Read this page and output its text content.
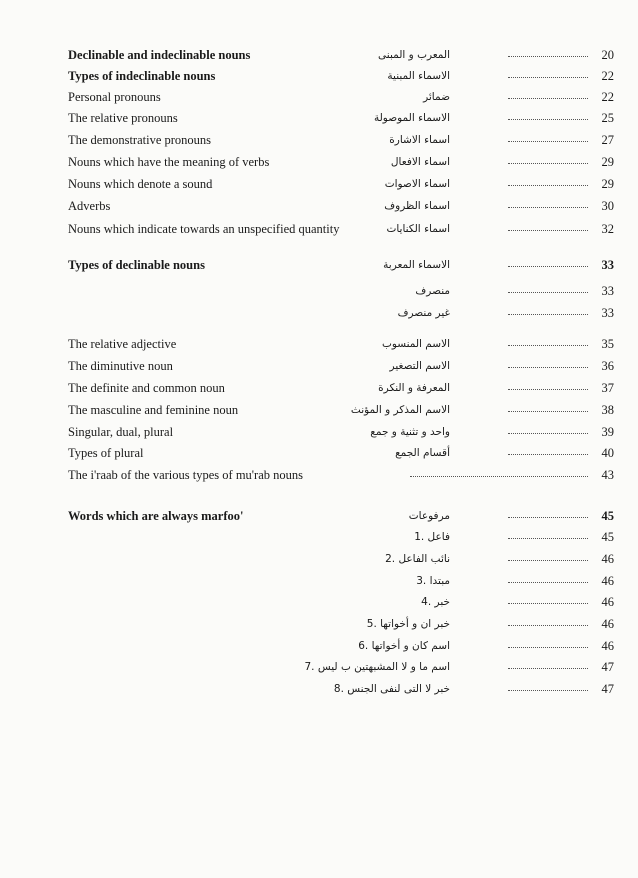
Declinable and indeclinable nouns	المعرب و المبنى	20
Types of indeclinable nouns	الاسماء المبنية	22
Personal pronouns	ضمائر	22
The relative pronouns	الاسماء الموصولة	25
The demonstrative pronouns	اسماء الاشارة	27
Nouns which have the meaning of verbs	اسماء الافعال	29
Nouns which denote a sound	اسماء الاصوات	29
Adverbs	اسماء الظروف	30
Nouns which indicate towards an unspecified quantity	اسماء الكنايات	32
Types of declinable nouns	الاسماء المعربة	33
منصرف	33
غير منصرف	33
The relative adjective	الاسم المنسوب	35
The diminutive noun	الاسم التصغير	36
The definite and common noun	المعرفة و النكرة	37
The masculine and feminine noun	الاسم المذكر و المؤنث	38
Singular, dual, plural	واحد و تثنية و جمع	39
Types of plural	أقسام الجمع	40
The i'raab of the various types of mu'rab nouns	43
Words which are always marfoo'	مرفوعات	45
فاعل .1	45
نائب الفاعل .2	46
مبتدا .3	46
خبر .4	46
خبر ان و أخواتها .5	46
اسم كان و أخواتها .6	46
اسم ما و لا المشبهتين ب ليس .7	47
خبر لا التى لنفى الجنس .8	47
